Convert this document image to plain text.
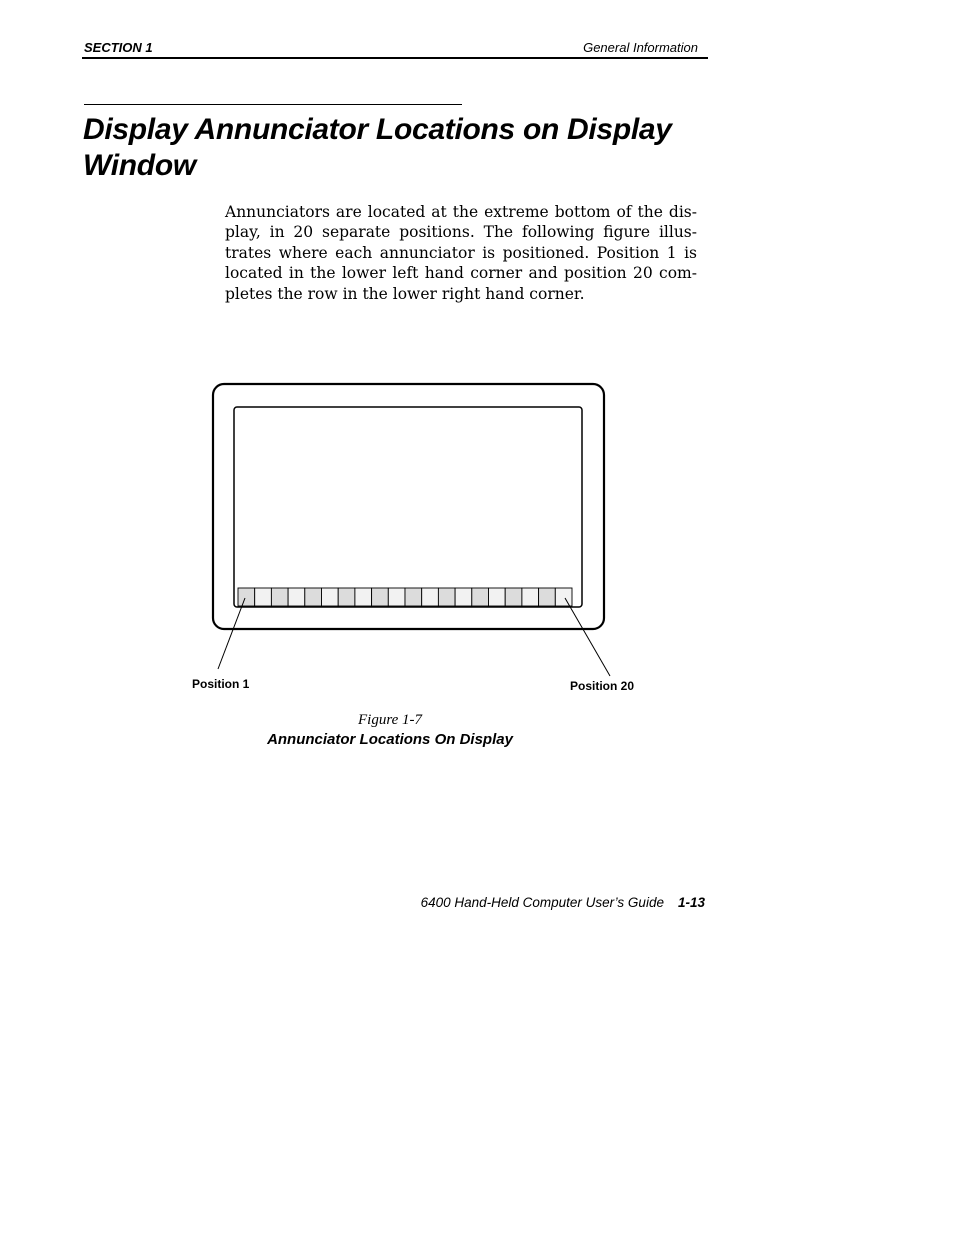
SECTION 1	General Information
Display Annunciator Locations on Display Window

Annunciators are located at the extreme bottom of the dis- play, in 20 separate positions. The following figure illus- trates where each annunciator is positioned. Position 1 is located in the lower left hand corner and position 20 com- pletes the row in the lower right hand corner.

Position 1	Position 20
Figure 1-7
Annunciator Locations On Display
6400 Hand-Held Computer User’s Guide 1-13
